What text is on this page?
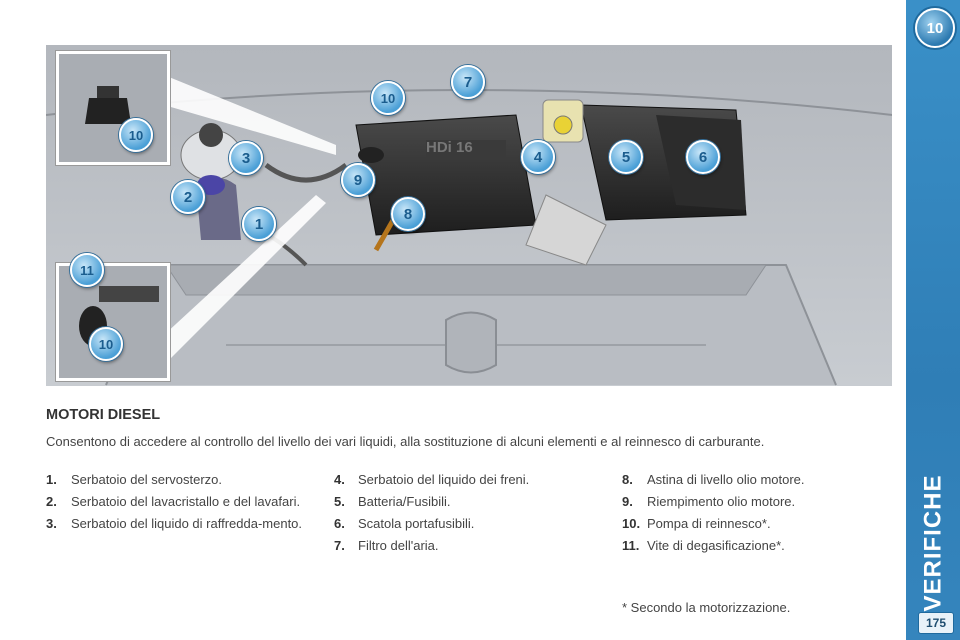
10
VERIFICHE
175
HDi 16
10
3
2
1
10
7
9
8
4	5	6
11
10
MOTORI DIESEL

Consentono di accedere al controllo del livello dei vari liquidi, alla sostituzione di alcuni elementi e al reinnesco di carburante.

1.	Serbatoio del servosterzo.
2.	Serbatoio del lavacristallo e del lavafari.
3.	Serbatoio del liquido di raffredda-mento.
4.	Serbatoio del liquido dei freni.
5.	Batteria/Fusibili.
6.	Scatola portafusibili.
7.	Filtro dell'aria.
8.	Astina di livello olio motore.
9.	Riempimento olio motore.
10. Pompa di reinnesco*.
11. Vite di degasificazione*.

* Secondo la motorizzazione.
